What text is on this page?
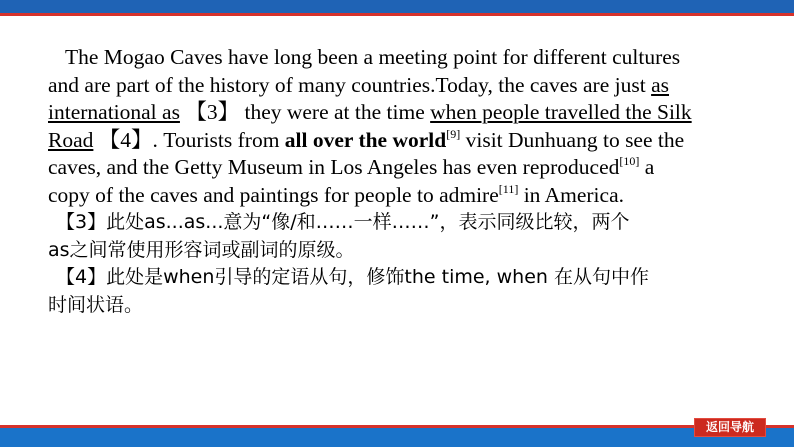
The Mogao Caves have long been a meeting point for different cultures
and are part of the history of many countries.Today, the caves are just as
international as 【3】 they were at the time when people travelled the Silk
Road 【4】. Tourists from all over the world[9] visit Dunhuang to see the
caves, and the Getty Museum in Los Angeles has even reproduced[10] a
copy of the caves and paintings for people to admire[11] in America.
【3】此处as...as...意为“像/和……一样……”，表示同级比较，两个
as之间常使用形容词或副词的原级。
【4】此处是when引导的定语从句，修饰the time, when 在从句中作
时间状语。
返回导航
